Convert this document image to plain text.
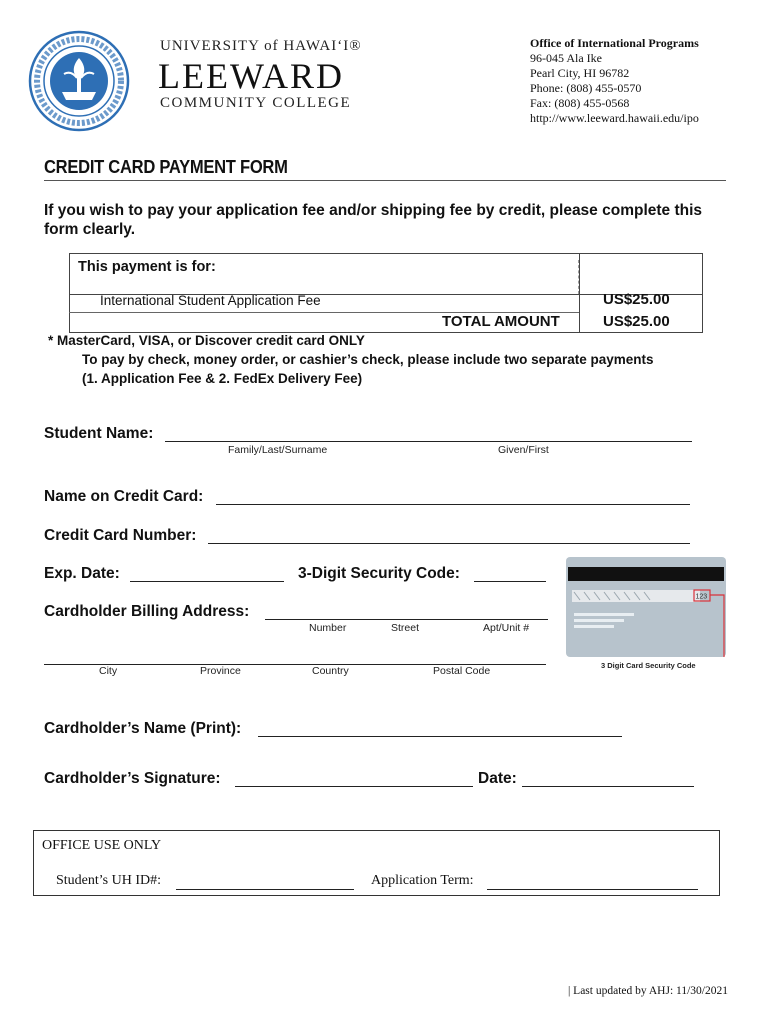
UNIVERSITY of HAWAI‘I®
LEEWARD
COMMUNITY COLLEGE
Office of International Programs
96-045 Ala Ike
Pearl City, HI 96782
Phone: (808) 455-0570
Fax: (808) 455-0568
http://www.leeward.hawaii.edu/ipo
CREDIT CARD PAYMENT FORM
If you wish to pay your application fee and/or shipping fee by credit, please complete this form clearly.
This payment is for:
International Student Application Fee	US$25.00
TOTAL AMOUNT	US$25.00
* MasterCard, VISA, or Discover credit card ONLY
To pay by check, money order, or cashier’s check, please include two separate payments
(1. Application Fee & 2. FedEx Delivery Fee)
Student Name:
Family/Last/Surname	Given/First
Name on Credit Card:
Credit Card Number:
Exp. Date:	3-Digit Security Code:
Cardholder Billing Address:
Number	Street	Apt/Unit #
City	Province	Country	Postal Code
123
3 Digit Card Security Code
Cardholder’s Name (Print):
Cardholder’s Signature:	Date:
OFFICE USE ONLY
Student’s UH ID#:	Application Term:
| Last updated by AHJ: 11/30/2021
